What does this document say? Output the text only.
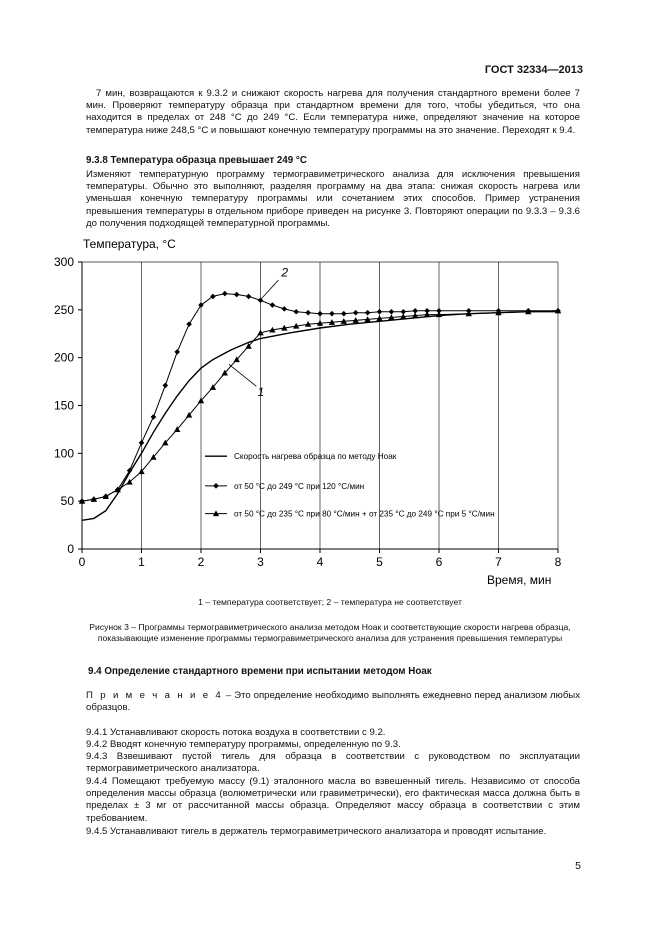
ГОСТ 32334—2013
7 мин, возвращаются к 9.3.2 и снижают скорость нагрева для получения стандартного времени более 7 мин. Проверяют температуру образца при стандартном времени для того, чтобы убедиться, что она находится в пределах от 248 °С до 249 °С. Если температура ниже, определяют значение на которое температура ниже 248,5 °С и повышают конечную температуру программы на это значение. Переходят к 9.4.
9.3.8 Температура образца превышает 249 °С
Изменяют температурную программу термогравиметрического анализа для исключения превышения температуры. Обычно это выполняют, разделяя программу на два этапа: снижая скорость нагрева или уменьшая конечную температуру программы или сочетанием этих способов. Пример устранения превышения температуры в отдельном приборе приведен на рисунке 3. Повторяют операции по 9.3.3 – 9.3.6 до получения подходящей температурной программы.
0
50
100
150
200
250
300
0	1	2	3	4	5	6	7	8
Температура, °С
Время, мин
2
1
Скорость нагрева образца по методу Ноак
от 50 °С до 249 °С при 120 °С/мин
от 50 °С до 235 °С при 80 °С/мин + от 235 °С до 249 °С при 5 °С/мин
1 – температура соответствует; 2 – температура не соответствует
Рисунок 3 – Программы термогравиметрического анализа методом Ноак и соответствующие скорости нагрева образца, показывающие изменение программы термогравиметрического анализа для устранения превышения температуры
9.4 Определение стандартного времени при испытании методом Ноак
П р и м е ч а н и е 4 – Это определение необходимо выполнять ежедневно перед анализом любых образцов.
9.4.1 Устанавливают скорость потока воздуха в соответствии с 9.2.
9.4.2 Вводят конечную температуру программы, определенную по 9.3.
9.4.3 Взвешивают пустой тигель для образца в соответствии с руководством по эксплуатации термогравиметрического анализатора.
9.4.4 Помещают требуемую массу (9.1) эталонного масла во взвешенный тигель. Независимо от способа определения массы образца (волюметрически или гравиметрически), его фактическая масса должна быть в пределах ± 3 мг от рассчитанной массы образца. Определяют массу образца в соответствии с этим требованием.
9.4.5 Устанавливают тигель в держатель термогравиметрического анализатора и проводят испытание.
5
